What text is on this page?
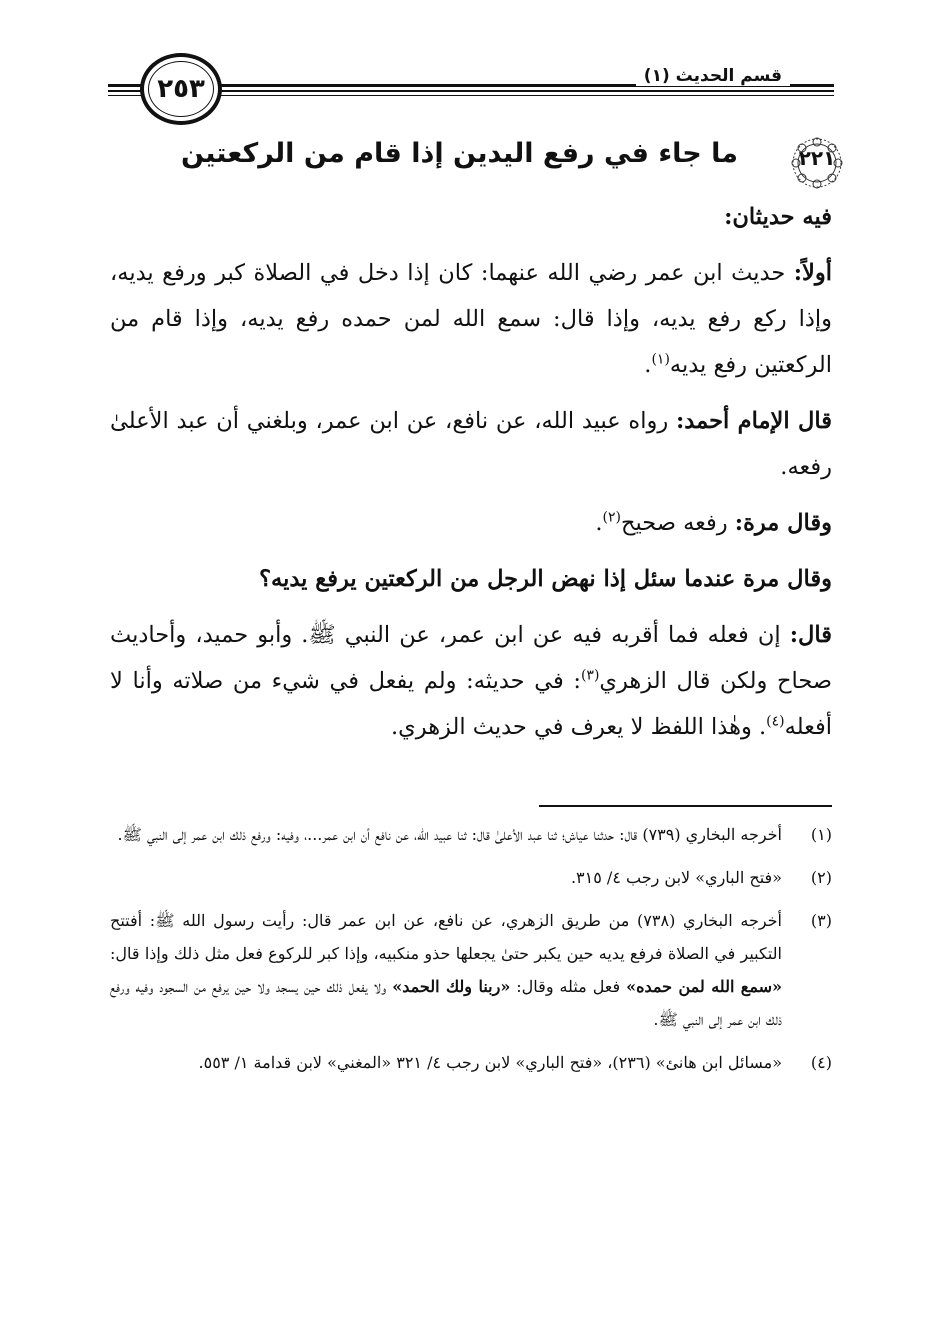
قسم الحديث (١)
٢٥٣
٢٢١
ما جاء في رفع اليدين إذا قام من الركعتين

فيه حديثان:

أولاً: حديث ابن عمر رضي الله عنهما: كان إذا دخل في الصلاة كبر ورفع يديه، وإذا ركع رفع يديه، وإذا قال: سمع الله لمن حمده رفع يديه، وإذا قام من الركعتين رفع يديه$^{(١)}$.

قال الإمام أحمد: رواه عبيد الله، عن نافع، عن ابن عمر، وبلغني أن عبد الأعلىٰ رفعه.

وقال مرة: رفعه صحيح$^{(٢)}$.

وقال مرة عندما سئل إذا نهض الرجل من الركعتين يرفع يديه؟

قال: إن فعله فما أقربه فيه عن ابن عمر، عن النبي ﷺ. وأبو حميد، وأحاديث صحاح ولكن قال الزهري$^{(٣)}$: في حديثه: ولم يفعل في شيء من صلاته وأنا لا أفعله$^{(٤)}$. وهٰذا اللفظ لا يعرف في حديث الزهري.

(١)
أخرجه البخاري (٧٣٩) قال: حدثنا عياش؛ ثنا عبد الأعلىٰ قال: ثنا عبيد الله، عن نافع أن ابن عمر...، وفيه: ورفع ذلك ابن عمر إلى النبي ﷺ.
(٢)
«فتح الباري» لابن رجب ٤/ ٣١٥.
(٣)
أخرجه البخاري (٧٣٨) من طريق الزهري، عن نافع، عن ابن عمر قال: رأيت رسول الله ﷺ: أفتتح التكبير في الصلاة فرفع يديه حين يكبر حتىٰ يجعلها حذو منكبيه، وإذا كبر للركوع فعل مثل ذلك وإذا قال: «سمع الله لمن حمده» فعل مثله وقال: «ربنا ولك الحمد» ولا يفعل ذلك حين يسجد ولا حين يرفع من السجود وفيه ورفع ذلك ابن عمر إلى النبي ﷺ.
(٤)
«مسائل ابن هانئ» (٢٣٦)، «فتح الباري» لابن رجب ٤/ ٣٢١ «المغني» لابن قدامة ١/ ٥٥٣.
